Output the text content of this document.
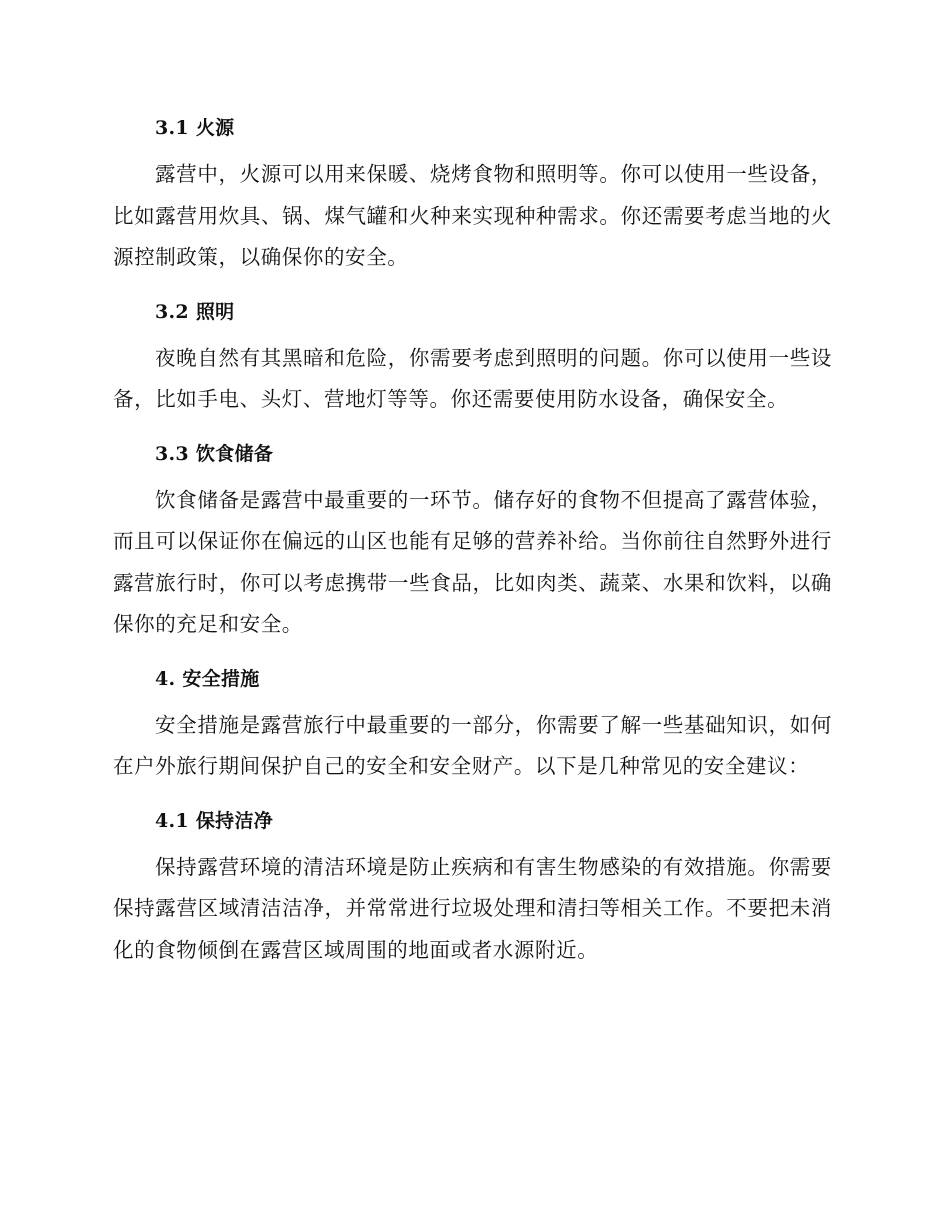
3.1 火源

露营中，火源可以用来保暖、烧烤食物和照明等。你可以使用一些设备，比如露营用炊具、锅、煤气罐和火种来实现种种需求。你还需要考虑当地的火源控制政策，以确保你的安全。

3.2 照明

夜晚自然有其黑暗和危险，你需要考虑到照明的问题。你可以使用一些设备，比如手电、头灯、营地灯等等。你还需要使用防水设备，确保安全。

3.3 饮食储备

饮食储备是露营中最重要的一环节。储存好的食物不但提高了露营体验，而且可以保证你在偏远的山区也能有足够的营养补给。当你前往自然野外进行露营旅行时，你可以考虑携带一些食品，比如肉类、蔬菜、水果和饮料，以确保你的充足和安全。

4. 安全措施

安全措施是露营旅行中最重要的一部分，你需要了解一些基础知识，如何在户外旅行期间保护自己的安全和安全财产。以下是几种常见的安全建议：

4.1 保持洁净

保持露营环境的清洁环境是防止疾病和有害生物感染的有效措施。你需要保持露营区域清洁洁净，并常常进行垃圾处理和清扫等相关工作。不要把未消化的食物倾倒在露营区域周围的地面或者水源附近。
